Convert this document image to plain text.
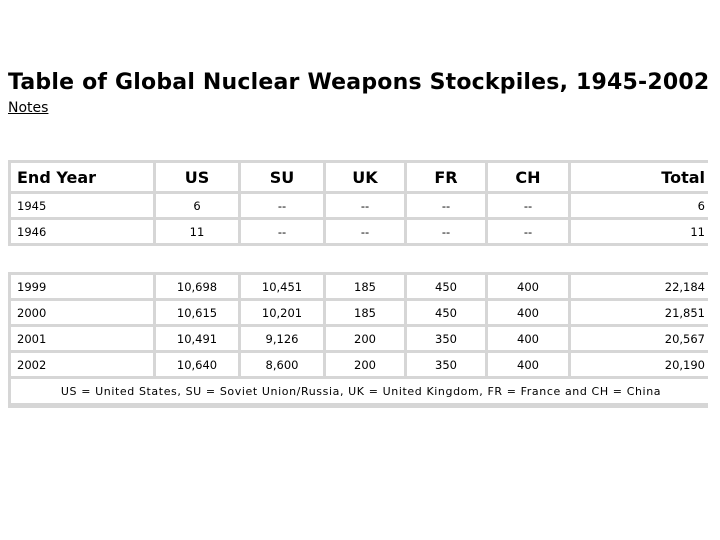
Table of Global Nuclear Weapons Stockpiles, 1945-2002
Notes
End Year	US	SU	UK	FR	CH	Total
1945	6	--	--	--	--	6
1946	11	--	--	--	--	11
1999	10,698	10,451	185	450	400	22,184
2000	10,615	10,201	185	450	400	21,851
2001	10,491	9,126	200	350	400	20,567
2002	10,640	8,600	200	350	400	20,190
US = United States, SU = Soviet Union/Russia, UK = United Kingdom, FR = France and CH = China						
